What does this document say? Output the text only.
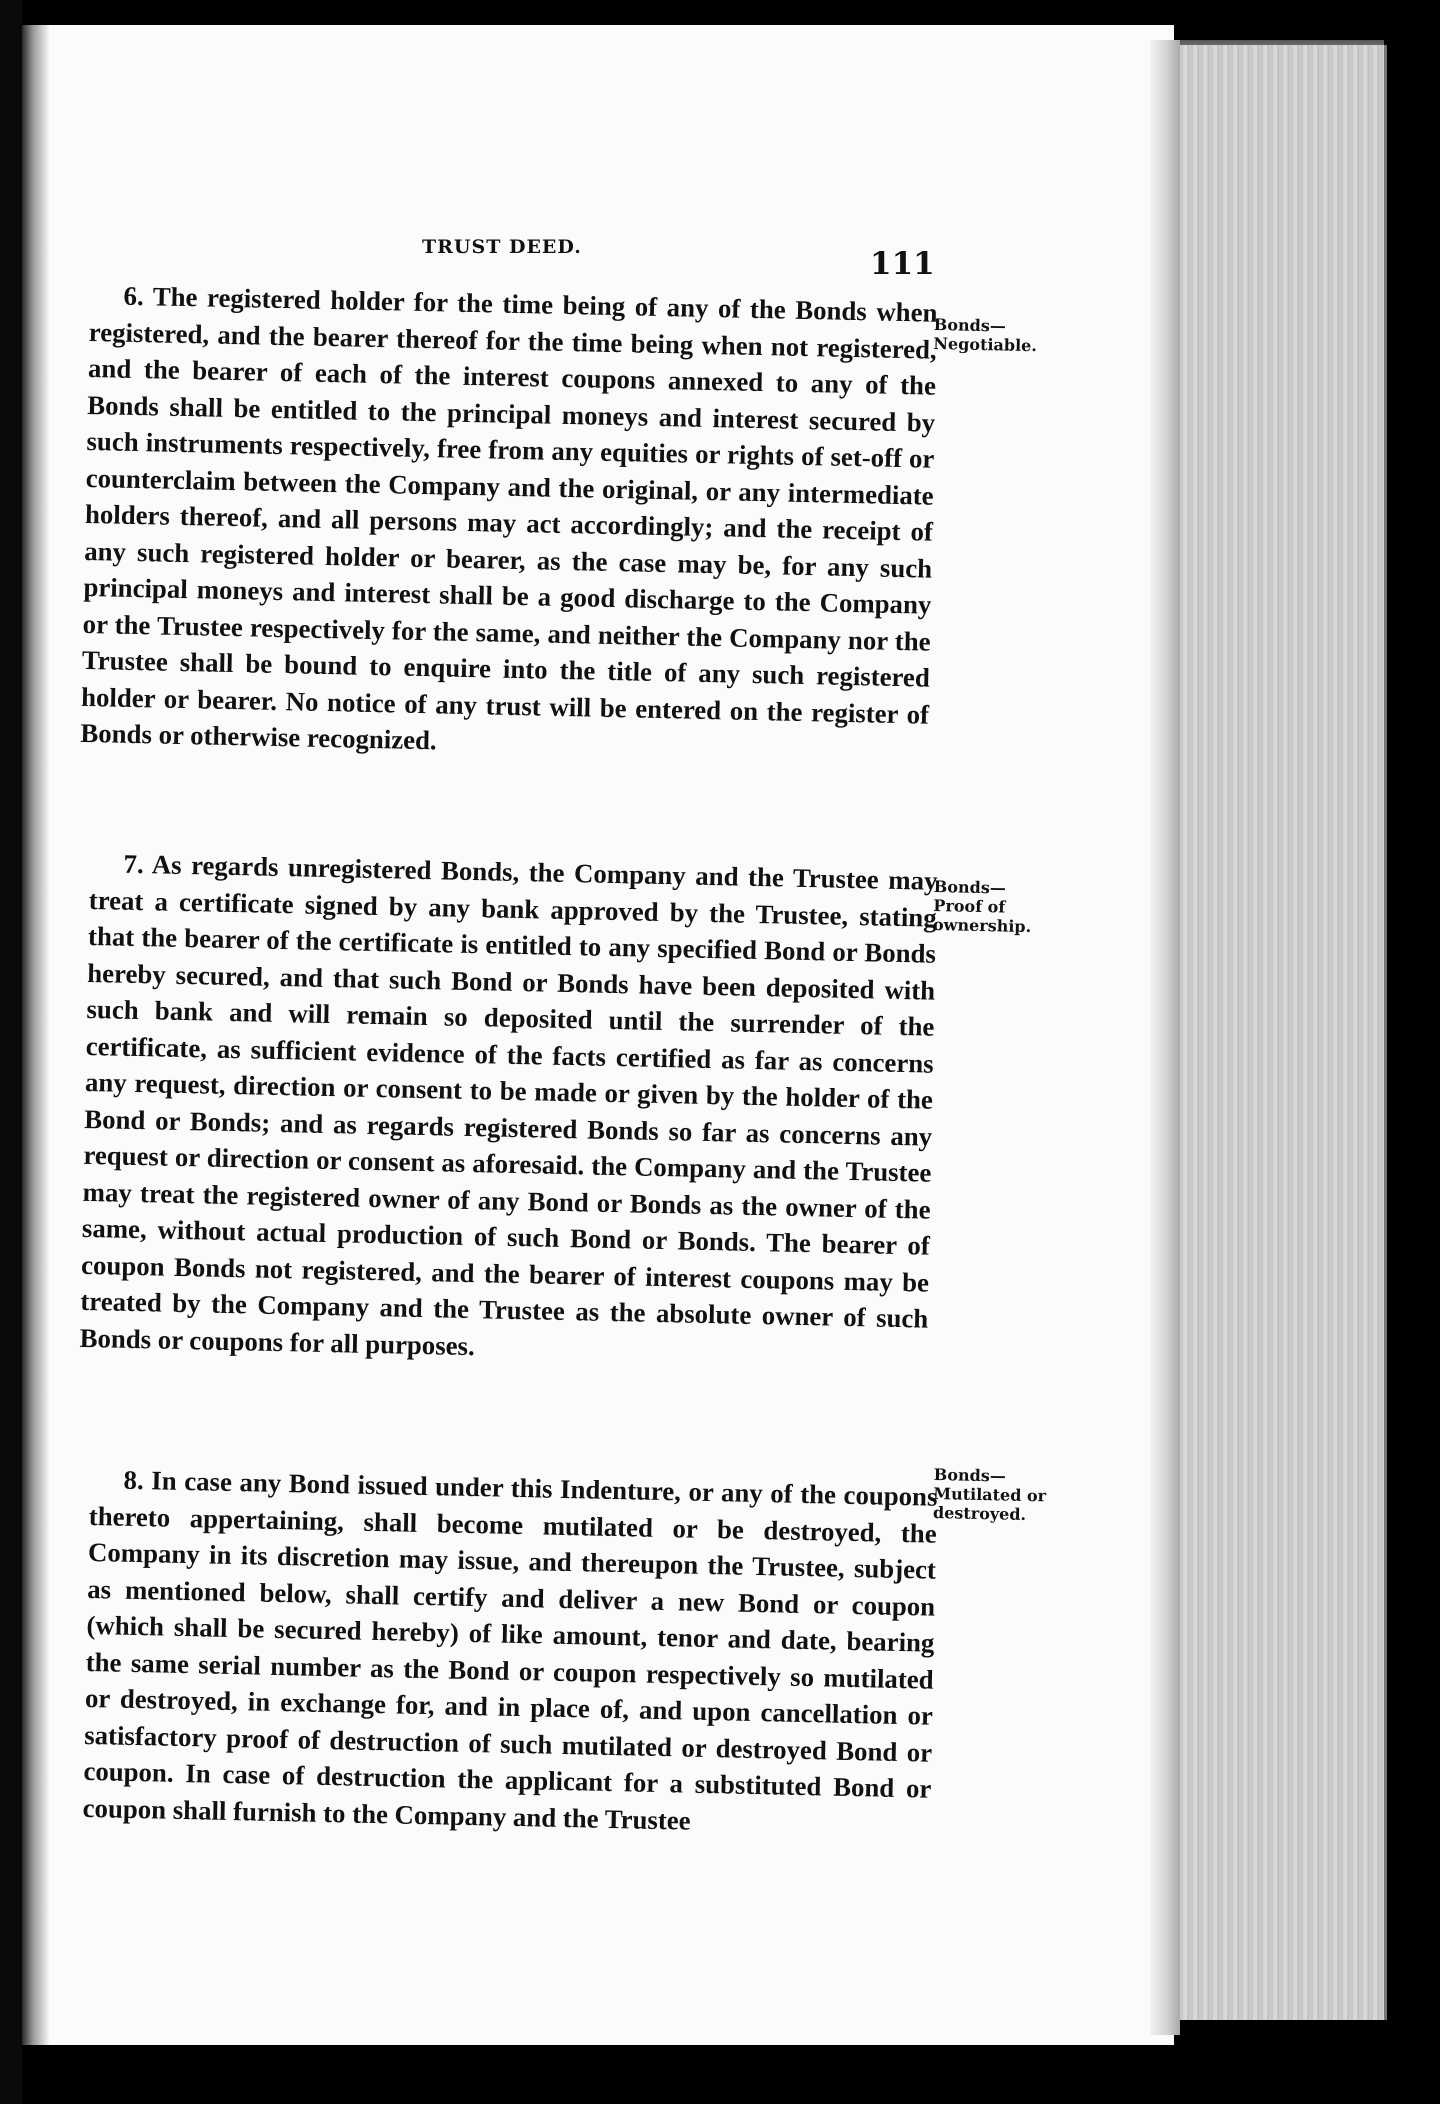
TRUST DEED.	111

6. The registered holder for the time being of any of the Bonds when registered, and the bearer thereof for the time being when not registered, and the bearer of each of the interest coupons annexed to any of the Bonds shall be entitled to the principal moneys and interest secured by such instruments respectively, free from any equities or rights of set-off or counterclaim between the Company and the original, or any intermediate holders thereof, and all persons may act accordingly; and the receipt of any such registered holder or bearer, as the case may be, for any such principal moneys and interest shall be a good discharge to the Company or the Trustee respectively for the same, and neither the Company nor the Trustee shall be bound to enquire into the title of any such registered holder or bearer. No notice of any trust will be entered on the register of Bonds or otherwise recognized.

Bonds— Negotiable.

7. As regards unregistered Bonds, the Company and the Trustee may treat a certificate signed by any bank approved by the Trustee, stating that the bearer of the certificate is entitled to any specified Bond or Bonds hereby secured, and that such Bond or Bonds have been deposited with such bank and will remain so deposited until the surrender of the certificate, as sufficient evidence of the facts certified as far as concerns any request, direction or consent to be made or given by the holder of the Bond or Bonds; and as regards registered Bonds so far as concerns any request or direction or consent as aforesaid. the Company and the Trustee may treat the registered owner of any Bond or Bonds as the owner of the same, without actual production of such Bond or Bonds. The bearer of coupon Bonds not registered, and the bearer of interest coupons may be treated by the Company and the Trustee as the absolute owner of such Bonds or coupons for all purposes.

Bonds— Proof of ownership.

8. In case any Bond issued under this Indenture, or any of the coupons thereto appertaining, shall become mutilated or be destroyed, the Company in its discretion may issue, and thereupon the Trustee, subject as mentioned below, shall certify and deliver a new Bond or coupon (which shall be secured hereby) of like amount, tenor and date, bearing the same serial number as the Bond or coupon respectively so mutilated or destroyed, in exchange for, and in place of, and upon cancellation or satisfactory proof of destruction of such mutilated or destroyed Bond or coupon. In case of destruction the applicant for a substituted Bond or coupon shall furnish to the Company and the Trustee

Bonds— Mutilated or destroyed.
